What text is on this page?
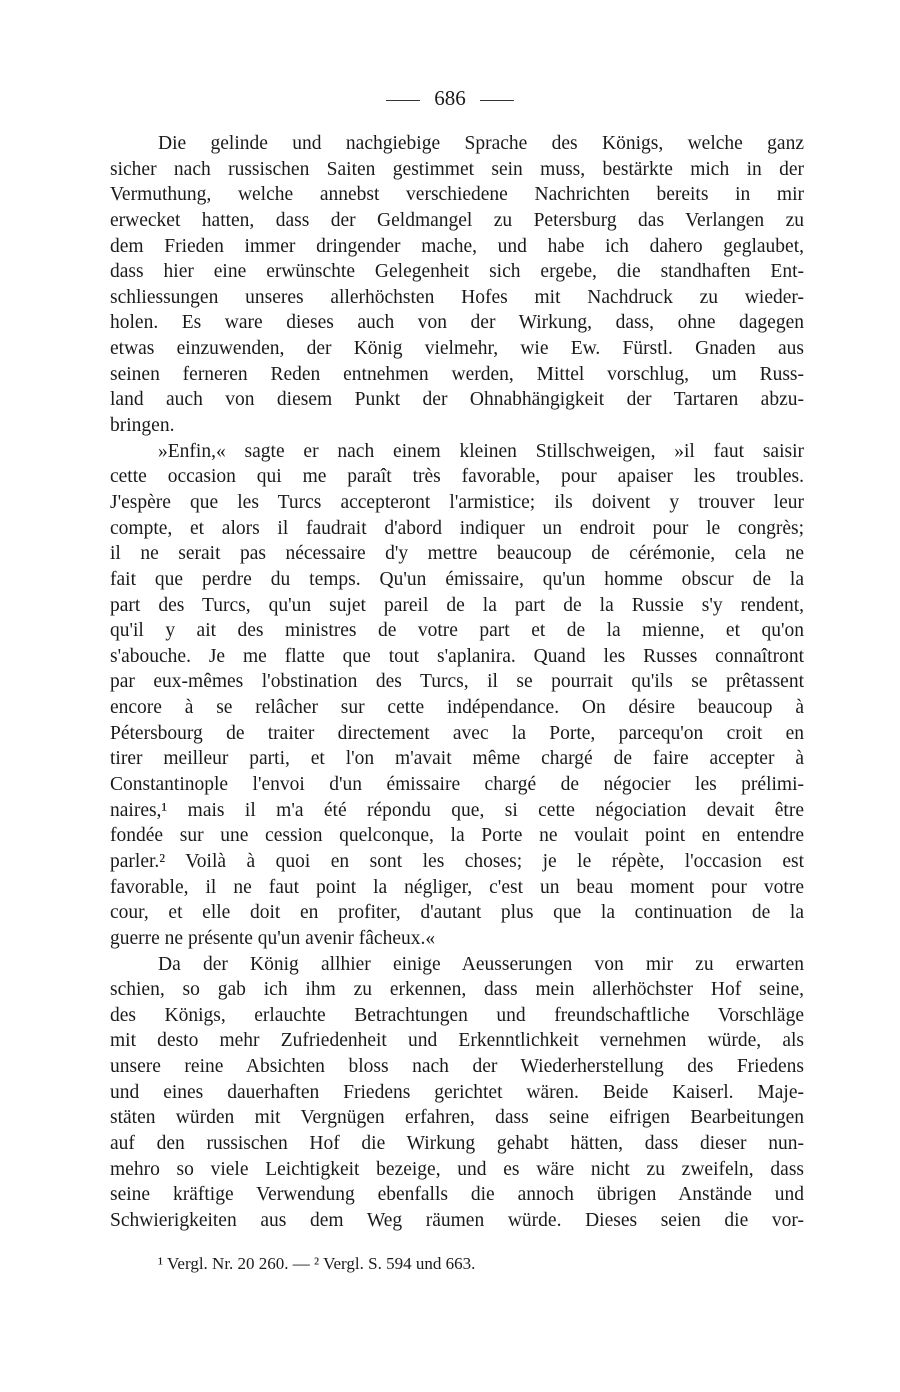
686
Die gelinde und nachgiebige Sprache des Königs, welche ganz
sicher nach russischen Saiten gestimmet sein muss, bestärkte mich in der
Vermuthung, welche annebst verschiedene Nachrichten bereits in mir
erwecket hatten, dass der Geldmangel zu Petersburg das Verlangen zu
dem Frieden immer dringender mache, und habe ich dahero geglaubet,
dass hier eine erwünschte Gelegenheit sich ergebe, die standhaften Ent-
schliessungen unseres allerhöchsten Hofes mit Nachdruck zu wieder-
holen. Es ware dieses auch von der Wirkung, dass, ohne dagegen
etwas einzuwenden, der König vielmehr, wie Ew. Fürstl. Gnaden aus
seinen ferneren Reden entnehmen werden, Mittel vorschlug, um Russ-
land auch von diesem Punkt der Ohnabhängigkeit der Tartaren abzu-
bringen.
»Enfin,« sagte er nach einem kleinen Stillschweigen, »il faut saisir
cette occasion qui me paraît très favorable, pour apaiser les troubles.
J'espère que les Turcs accepteront l'armistice; ils doivent y trouver leur
compte, et alors il faudrait d'abord indiquer un endroit pour le congrès;
il ne serait pas nécessaire d'y mettre beaucoup de cérémonie, cela ne
fait que perdre du temps. Qu'un émissaire, qu'un homme obscur de la
part des Turcs, qu'un sujet pareil de la part de la Russie s'y rendent,
qu'il y ait des ministres de votre part et de la mienne, et qu'on
s'abouche. Je me flatte que tout s'aplanira. Quand les Russes connaîtront
par eux-mêmes l'obstination des Turcs, il se pourrait qu'ils se prêtassent
encore à se relâcher sur cette indépendance. On désire beaucoup à
Pétersbourg de traiter directement avec la Porte, parcequ'on croit en
tirer meilleur parti, et l'on m'avait même chargé de faire accepter à
Constantinople l'envoi d'un émissaire chargé de négocier les prélimi-
naires,¹ mais il m'a été répondu que, si cette négociation devait être
fondée sur une cession quelconque, la Porte ne voulait point en entendre
parler.² Voilà à quoi en sont les choses; je le répète, l'occasion est
favorable, il ne faut point la négliger, c'est un beau moment pour votre
cour, et elle doit en profiter, d'autant plus que la continuation de la
guerre ne présente qu'un avenir fâcheux.«
Da der König allhier einige Aeusserungen von mir zu erwarten
schien, so gab ich ihm zu erkennen, dass mein allerhöchster Hof seine,
des Königs, erlauchte Betrachtungen und freundschaftliche Vorschläge
mit desto mehr Zufriedenheit und Erkenntlichkeit vernehmen würde, als
unsere reine Absichten bloss nach der Wiederherstellung des Friedens
und eines dauerhaften Friedens gerichtet wären. Beide Kaiserl. Maje-
stäten würden mit Vergnügen erfahren, dass seine eifrigen Bearbeitungen
auf den russischen Hof die Wirkung gehabt hätten, dass dieser nun-
mehro so viele Leichtigkeit bezeige, und es wäre nicht zu zweifeln, dass
seine kräftige Verwendung ebenfalls die annoch übrigen Anstände und
Schwierigkeiten aus dem Weg räumen würde. Dieses seien die vor-
¹ Vergl. Nr. 20 260. — ² Vergl. S. 594 und 663.
